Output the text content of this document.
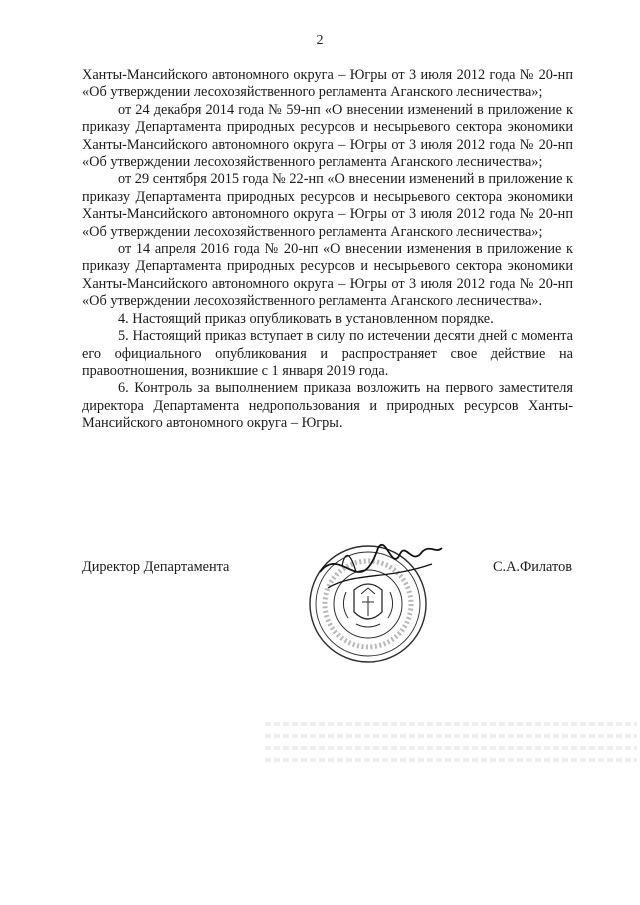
2

Ханты-Мансийского автономного округа – Югры от 3 июля 2012 года № 20-нп «Об утверждении лесохозяйственного регламента Аганского лесничества»;

от 24 декабря 2014 года № 59-нп «О внесении изменений в приложение к приказу Департамента природных ресурсов и несырьевого сектора экономики Ханты-Мансийского автономного округа – Югры от 3 июля 2012 года № 20-нп «Об утверждении лесохозяйственного регламента Аганского лесничества»;

от 29 сентября 2015 года № 22-нп «О внесении изменений в приложение к приказу Департамента природных ресурсов и несырьевого сектора экономики Ханты-Мансийского автономного округа – Югры от 3 июля 2012 года № 20-нп «Об утверждении лесохозяйственного регламента Аганского лесничества»;

от 14 апреля 2016 года № 20-нп «О внесении изменения в приложение к приказу Департамента природных ресурсов и несырьевого сектора экономики Ханты-Мансийского автономного округа – Югры от 3 июля 2012 года № 20-нп «Об утверждении лесохозяйственного регламента Аганского лесничества».

4. Настоящий приказ опубликовать в установленном порядке.

5. Настоящий приказ вступает в силу по истечении десяти дней с момента его официального опубликования и распространяет свое действие на правоотношения, возникшие с 1 января 2019 года.

6. Контроль за выполнением приказа возложить на первого заместителя директора Департамента недропользования и природных ресурсов Ханты-Мансийского автономного округа – Югры.

Директор Департамента	С.А.Филатов
